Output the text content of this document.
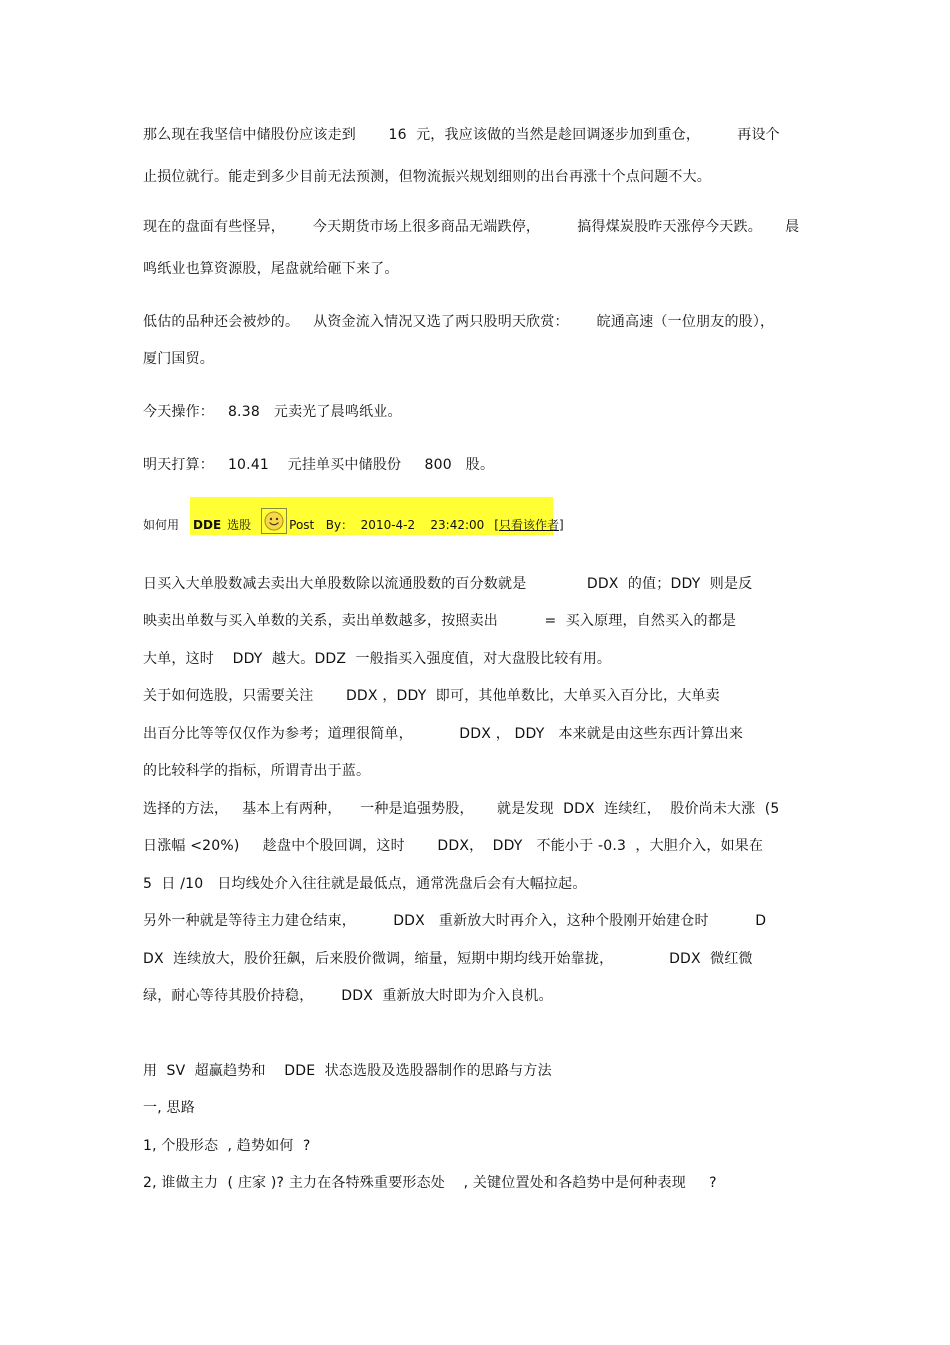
那么现在我坚信中储股份应该走到       16  元，我应该做的当然是趁回调逐步加到重仓，        再设个
止损位就行。能走到多少目前无法预测，但物流振兴规划细则的出台再涨十个点问题不大。
现在的盘面有些怪异，      今天期货市场上很多商品无端跌停，        搞得煤炭股昨天涨停今天跌。     晨
鸣纸业也算资源股，尾盘就给砸下来了。
低估的品种还会被炒的。   从资金流入情况又选了两只股明天欣赏：      皖通高速（一位朋友的股），
厦门国贸。
今天操作：   8.38   元卖光了晨鸣纸业。
明天打算：   10.41    元挂单买中储股份     800   股。
如何用 DDE 选股

	Post   By：  2010-4-2    23:42:00 [ 只看该作者 ]
日买入大单股数减去卖出大单股数除以流通股数的百分数就是             DDX  的值；DDY  则是反
映卖出单数与买入单数的关系，卖出单数越多，按照卖出          =  买入原理，自然买入的都是
大单，这时    DDY  越大。DDZ  一般指买入强度值，对大盘股比较有用。
关于如何选股，只需要关注       DDX ，DDY  即可，其他单数比，大单买入百分比，大单卖
出百分比等等仅仅作为参考；道理很简单，          DDX ， DDY   本来就是由这些东西计算出来
的比较科学的指标，所谓青出于蓝。
选择的方法，   基本上有两种，    一种是追强势股，     就是发现  DDX  连续红，  股价尚未大涨  (5
日涨幅 <20%)     趁盘中个股回调，这时       DDX，  DDY   不能小于 -0.3  ，大胆介入，如果在
5  日 /10   日均线处介入往往就是最低点，通常洗盘后会有大幅拉起。
另外一种就是等待主力建仓结束，        DDX   重新放大时再介入，这种个股刚开始建仓时          D
DX  连续放大，股价狂飙，后来股价微调，缩量，短期中期均线开始靠拢，            DDX  微红微
绿，耐心等待其股价持稳，      DDX  重新放大时即为介入良机。
用  SV  超赢趋势和    DDE  状态选股及选股器制作的思路与方法
一, 思路
1, 个股形态  , 趋势如何  ?
2, 谁做主力  ( 庄家 )? 主力在各特殊重要形态处    , 关键位置处和各趋势中是何种表现     ?
